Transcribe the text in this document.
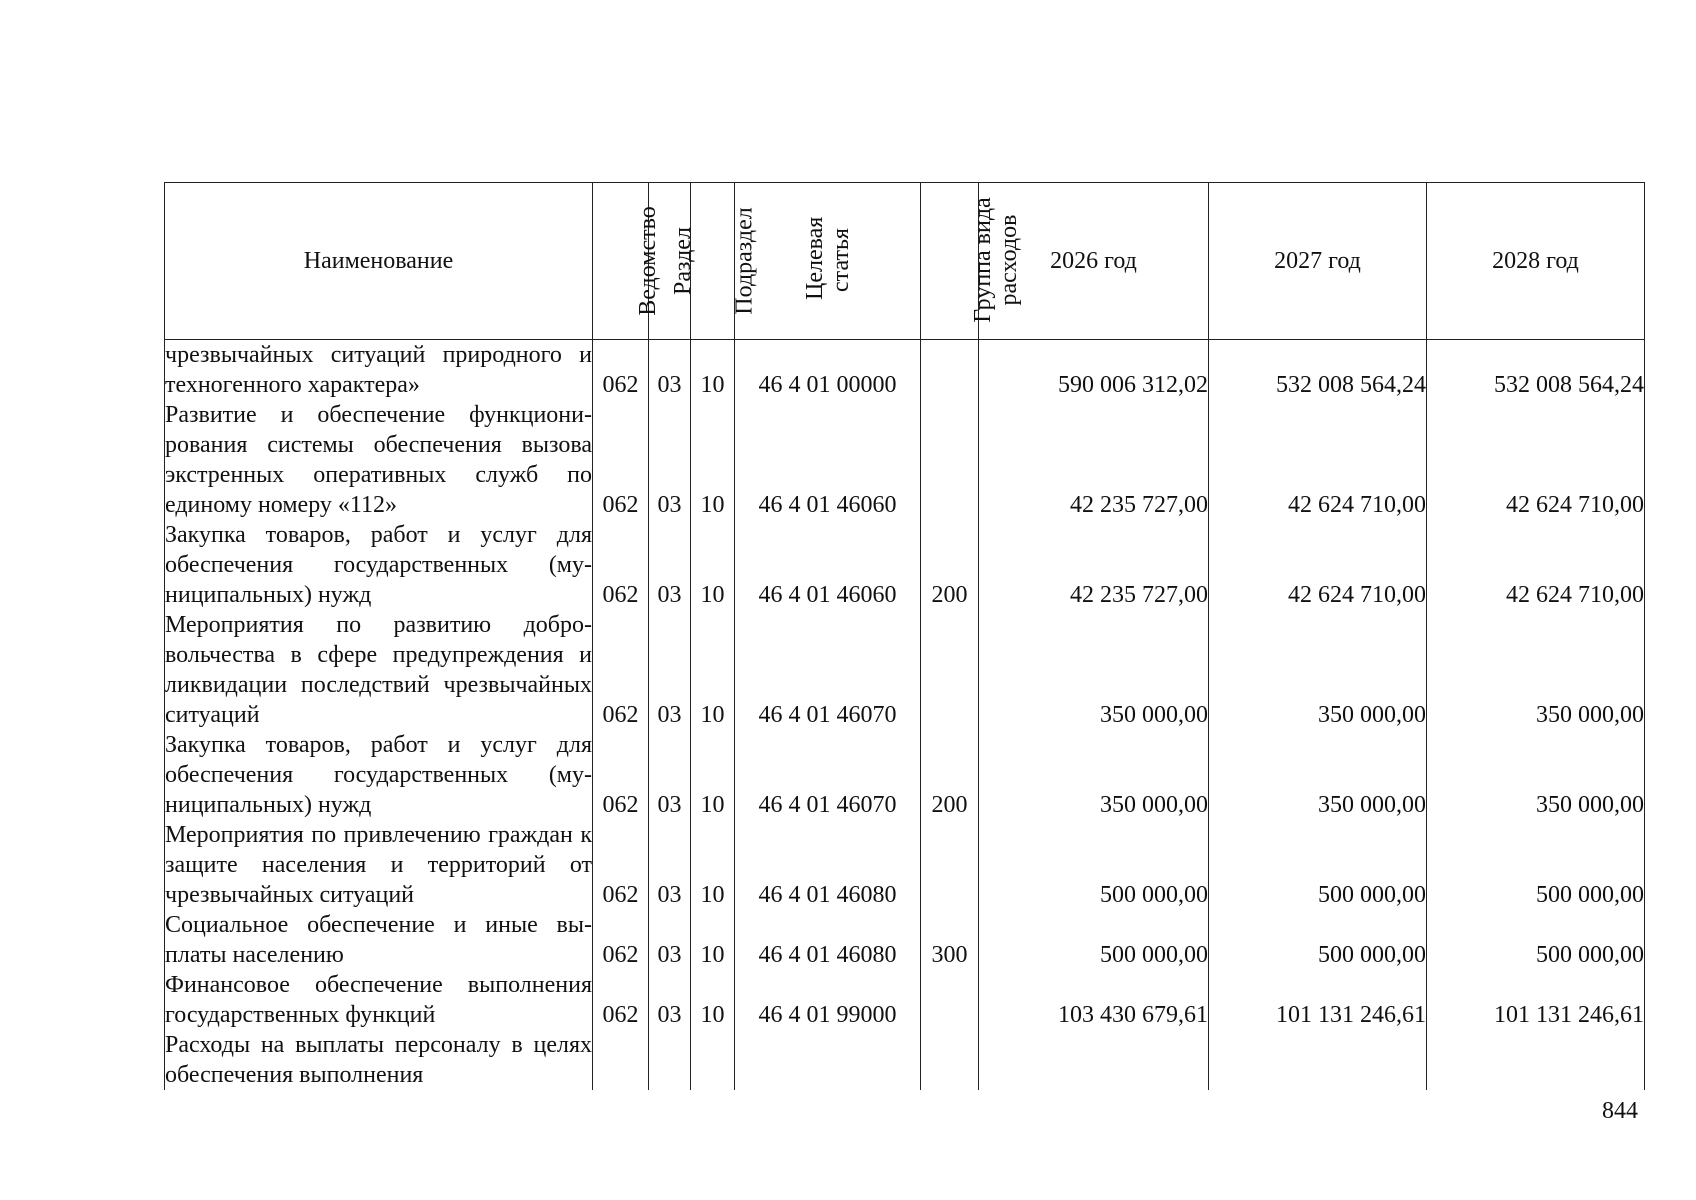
Наименование	Ведомство	Раздел	Подраздел	Целевая статья	Группа вида расходов	2026 год	2027 год	2028 год
чрезвычайных ситуаций природного и техногенного характера»	062	03	10	46 4 01 00000		590 006 312,02	532 008 564,24	532 008 564,24
Развитие и обеспечение функционирования системы обеспечения вызова экстренных оперативных служб по единому номеру «112»	062	03	10	46 4 01 46060		42 235 727,00	42 624 710,00	42 624 710,00
Закупка товаров, работ и услуг для обеспечения государственных (муниципальных) нужд	062	03	10	46 4 01 46060	200	42 235 727,00	42 624 710,00	42 624 710,00
Мероприятия по развитию добровольчества в сфере предупреждения и ликвидации последствий чрезвычайных ситуаций	062	03	10	46 4 01 46070		350 000,00	350 000,00	350 000,00
Закупка товаров, работ и услуг для обеспечения государственных (муниципальных) нужд	062	03	10	46 4 01 46070	200	350 000,00	350 000,00	350 000,00
Мероприятия по привлечению граждан к защите населения и территорий от чрезвычайных ситуаций	062	03	10	46 4 01 46080		500 000,00	500 000,00	500 000,00
Социальное обеспечение и иные выплаты населению	062	03	10	46 4 01 46080	300	500 000,00	500 000,00	500 000,00
Финансовое обеспечение выполнения государственных функций	062	03	10	46 4 01 99000		103 430 679,61	101 131 246,61	101 131 246,61
Расходы на выплаты персоналу в целях обеспечения выполнения								
844
